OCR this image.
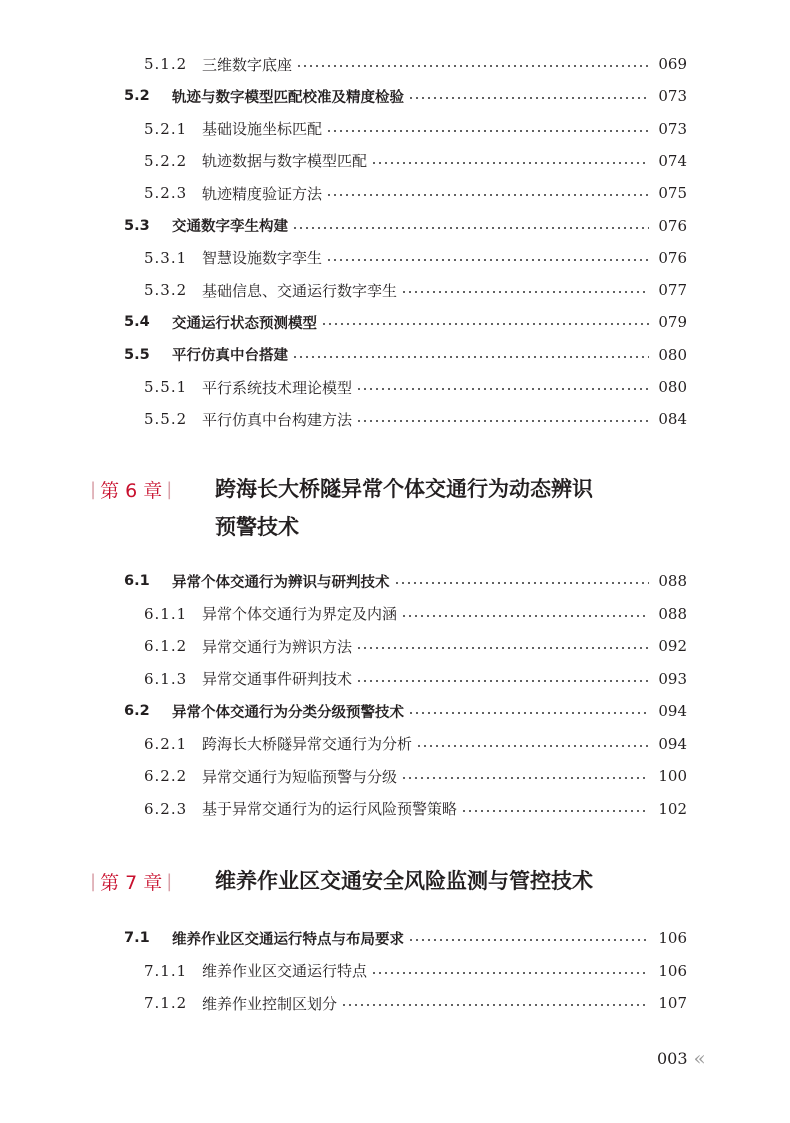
5.1.2 三维数字底座	069
5.2	轨迹与数字模型匹配校准及精度检验	073
5.2.1 基础设施坐标匹配	073
5.2.2 轨迹数据与数字模型匹配	074
5.2.3 轨迹精度验证方法	075
5.3	交通数字孪生构建	076
5.3.1 智慧设施数字孪生	076
5.3.2 基础信息、交通运行数字孪生	077
5.4	交通运行状态预测模型	079
5.5	平行仿真中台搭建	080
5.5.1 平行系统技术理论模型	080
5.5.2 平行仿真中台构建方法	084
| 第 6 章 | 跨海长大桥隧异常个体交通行为动态辨识
预警技术
6.1	异常个体交通行为辨识与研判技术	088
6.1.1 异常个体交通行为界定及内涵	088
6.1.2 异常交通行为辨识方法	092
6.1.3 异常交通事件研判技术	093
6.2	异常个体交通行为分类分级预警技术	094
6.2.1 跨海长大桥隧异常交通行为分析	094
6.2.2 异常交通行为短临预警与分级	100
6.2.3 基于异常交通行为的运行风险预警策略	102
| 第 7 章 | 维养作业区交通安全风险监测与管控技术
7.1	维养作业区交通运行特点与布局要求	106
7.1.1 维养作业区交通运行特点	106
7.1.2 维养作业控制区划分	107
003 «
